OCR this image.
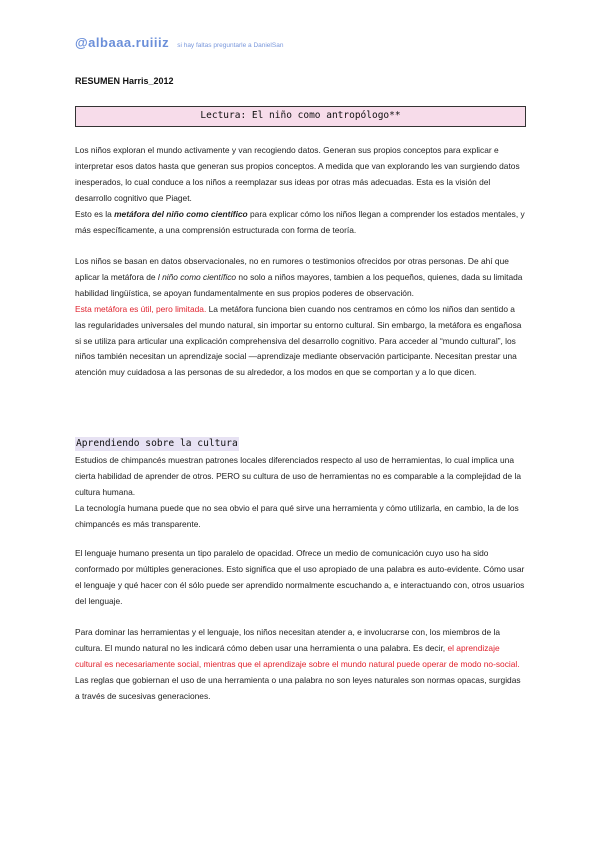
@albaaa.ruiiiz si hay faltas preguntarle a DanielSan
RESUMEN Harris_2012
Lectura: El niño como antropólogo**

Los niños exploran el mundo activamente y van recogiendo datos. Generan sus propios conceptos para explicar e interpretar esos datos hasta que generan sus propios conceptos. A medida que van explorando les van surgiendo datos inesperados, lo cual conduce a los niños a reemplazar sus ideas por otras más adecuadas. Esta es la visión del desarrollo cognitivo que Piaget.

Esto es la metáfora del niño como científico para explicar cómo los niños llegan a comprender los estados mentales, y más específicamente, a una comprensión estructurada con forma de teoría.

Los niños se basan en datos observacionales, no en rumores o testimonios ofrecidos por otras personas. De ahí que aplicar la metáfora de l niño como científico no solo a niños mayores, tambien a los pequeños, quienes, dada su limitada habilidad lingüística, se apoyan fundamentalmente en sus propios poderes de observación.

Esta metáfora es útil, pero limitada. La metáfora funciona bien cuando nos centramos en cómo los niños dan sentido a las regularidades universales del mundo natural, sin importar su entorno cultural. Sin embargo, la metáfora es engañosa si se utiliza para articular una explicación comprehensiva del desarrollo cognitivo. Para acceder al “mundo cultural”, los niños también necesitan un aprendizaje social —aprendizaje mediante observación participante. Necesitan prestar una atención muy cuidadosa a las personas de su alrededor, a los modos en que se comportan y a lo que dicen.

Aprendiendo sobre la cultura

Estudios de chimpancés muestran patrones locales diferenciados respecto al uso de herramientas, lo cual implica una cierta habilidad de aprender de otros. PERO su cultura de uso de herramientas no es comparable a la complejidad de la cultura humana.

La tecnología humana puede que no sea obvio el para qué sirve una herramienta y cómo utilizarla, en cambio, la de los chimpancés es más transparente.

El lenguaje humano presenta un tipo paralelo de opacidad. Ofrece un medio de comunicación cuyo uso ha sido conformado por múltiples generaciones. Esto significa que el uso apropiado de una palabra es auto-evidente. Cómo usar el lenguaje y qué hacer con él sólo puede ser aprendido normalmente escuchando a, e interactuando con, otros usuarios del lenguaje.

Para dominar las herramientas y el lenguaje, los niños necesitan atender a, e involucrarse con, los miembros de la cultura. El mundo natural no les indicará cómo deben usar una herramienta o una palabra. Es decir, el aprendizaje cultural es necesariamente social, mientras que el aprendizaje sobre el mundo natural puede operar de modo no-social. Las reglas que gobiernan el uso de una herramienta o una palabra no son leyes naturales son normas opacas, surgidas a través de sucesivas generaciones.
